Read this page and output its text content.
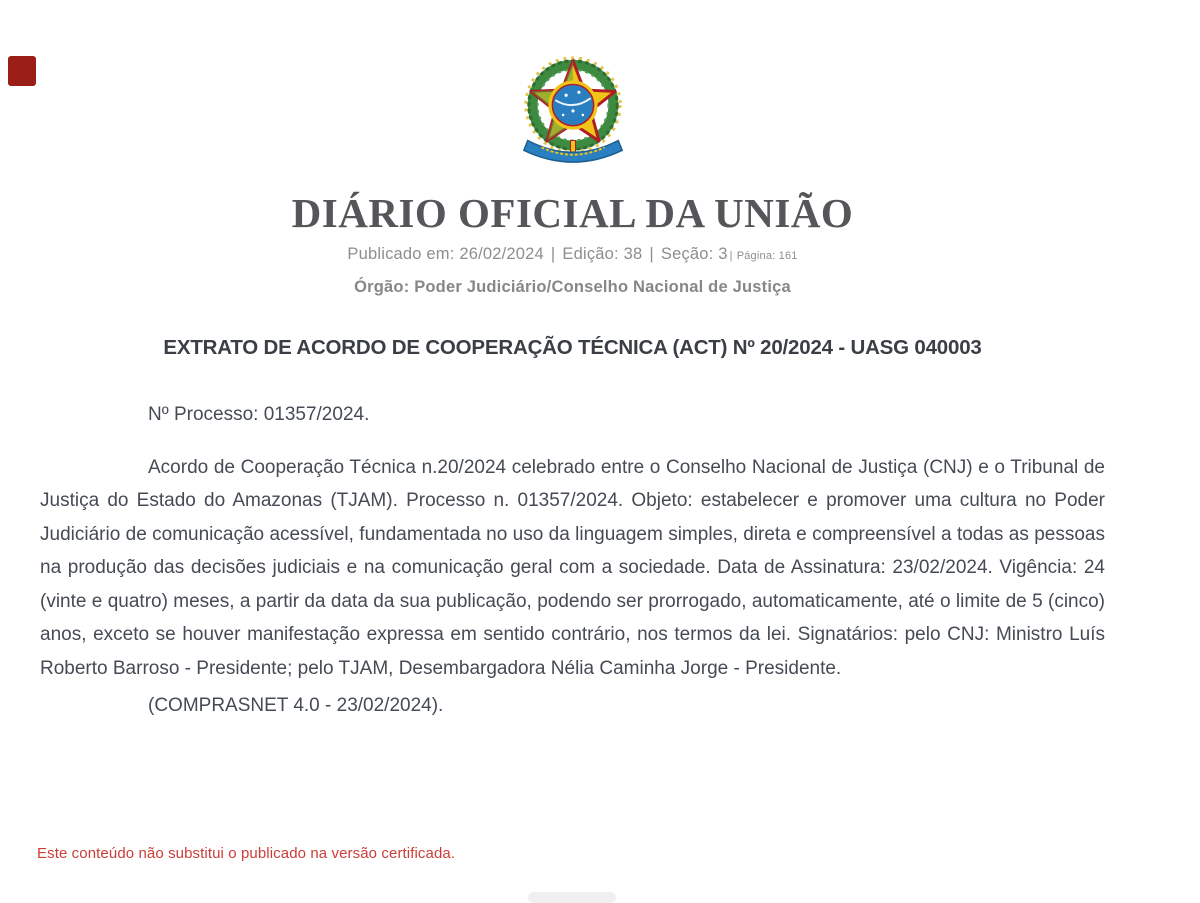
DIÁRIO OFICIAL DA UNIÃO
Publicado em: 26/02/2024 | Edição: 38 | Seção: 3 | Página: 161
Órgão: Poder Judiciário/Conselho Nacional de Justiça
EXTRATO DE ACORDO DE COOPERAÇÃO TÉCNICA (ACT) Nº 20/2024 - UASG 040003

Nº Processo: 01357/2024.

Acordo de Cooperação Técnica n.20/2024 celebrado entre o Conselho Nacional de Justiça (CNJ) e o Tribunal de Justiça do Estado do Amazonas (TJAM). Processo n. 01357/2024. Objeto: estabelecer e promover uma cultura no Poder Judiciário de comunicação acessível, fundamentada no uso da linguagem simples, direta e compreensível a todas as pessoas na produção das decisões judiciais e na comunicação geral com a sociedade. Data de Assinatura: 23/02/2024. Vigência: 24 (vinte e quatro) meses, a partir da data da sua publicação, podendo ser prorrogado, automaticamente, até o limite de 5 (cinco) anos, exceto se houver manifestação expressa em sentido contrário, nos termos da lei. Signatários: pelo CNJ: Ministro Luís Roberto Barroso - Presidente; pelo TJAM, Desembargadora Nélia Caminha Jorge - Presidente.

(COMPRASNET 4.0 - 23/02/2024).

Este conteúdo não substitui o publicado na versão certificada.
